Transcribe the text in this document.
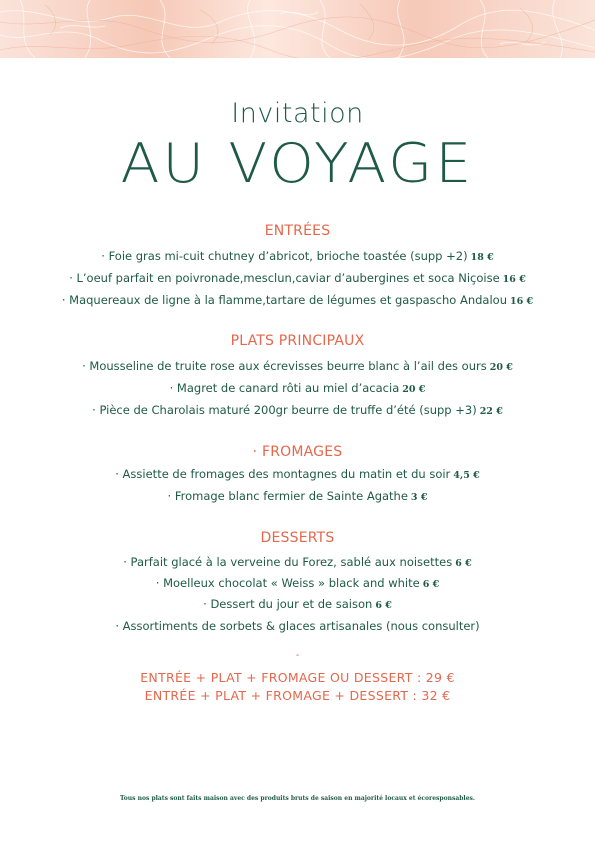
Invitation
AU VOYAGE
ENTRÉES
· Foie gras mi-cuit chutney d’abricot, brioche toastée (supp +2) 18 €
· L’oeuf parfait en poivronade,mesclun,caviar d’aubergines et soca Niçoise 16 €
· Maquereaux de ligne à la flamme,tartare de légumes et gaspascho Andalou 16 €
PLATS PRINCIPAUX
· Mousseline de truite rose aux écrevisses beurre blanc à l’ail des ours 20 €
· Magret de canard rôti au miel d’acacia 20 €
· Pièce de Charolais maturé 200gr beurre de truffe d’été (supp +3) 22 €
· FROMAGES
· Assiette de fromages des montagnes du matin et du soir 4,5 €
· Fromage blanc fermier de Sainte Agathe 3 €
DESSERTS
· Parfait glacé à la verveine du Forez, sablé aux noisettes 6 €
· Moelleux chocolat « Weiss » black and white 6 €
· Dessert du jour et de saison 6 €
· Assortiments de sorbets & glaces artisanales (nous consulter)
-
ENTRÉE + PLAT + FROMAGE OU DESSERT : 29 €
ENTRÉE + PLAT + FROMAGE + DESSERT : 32 €
Tous nos plats sont faits maison avec des produits bruts de saison en majorité locaux et écoresponsables.
